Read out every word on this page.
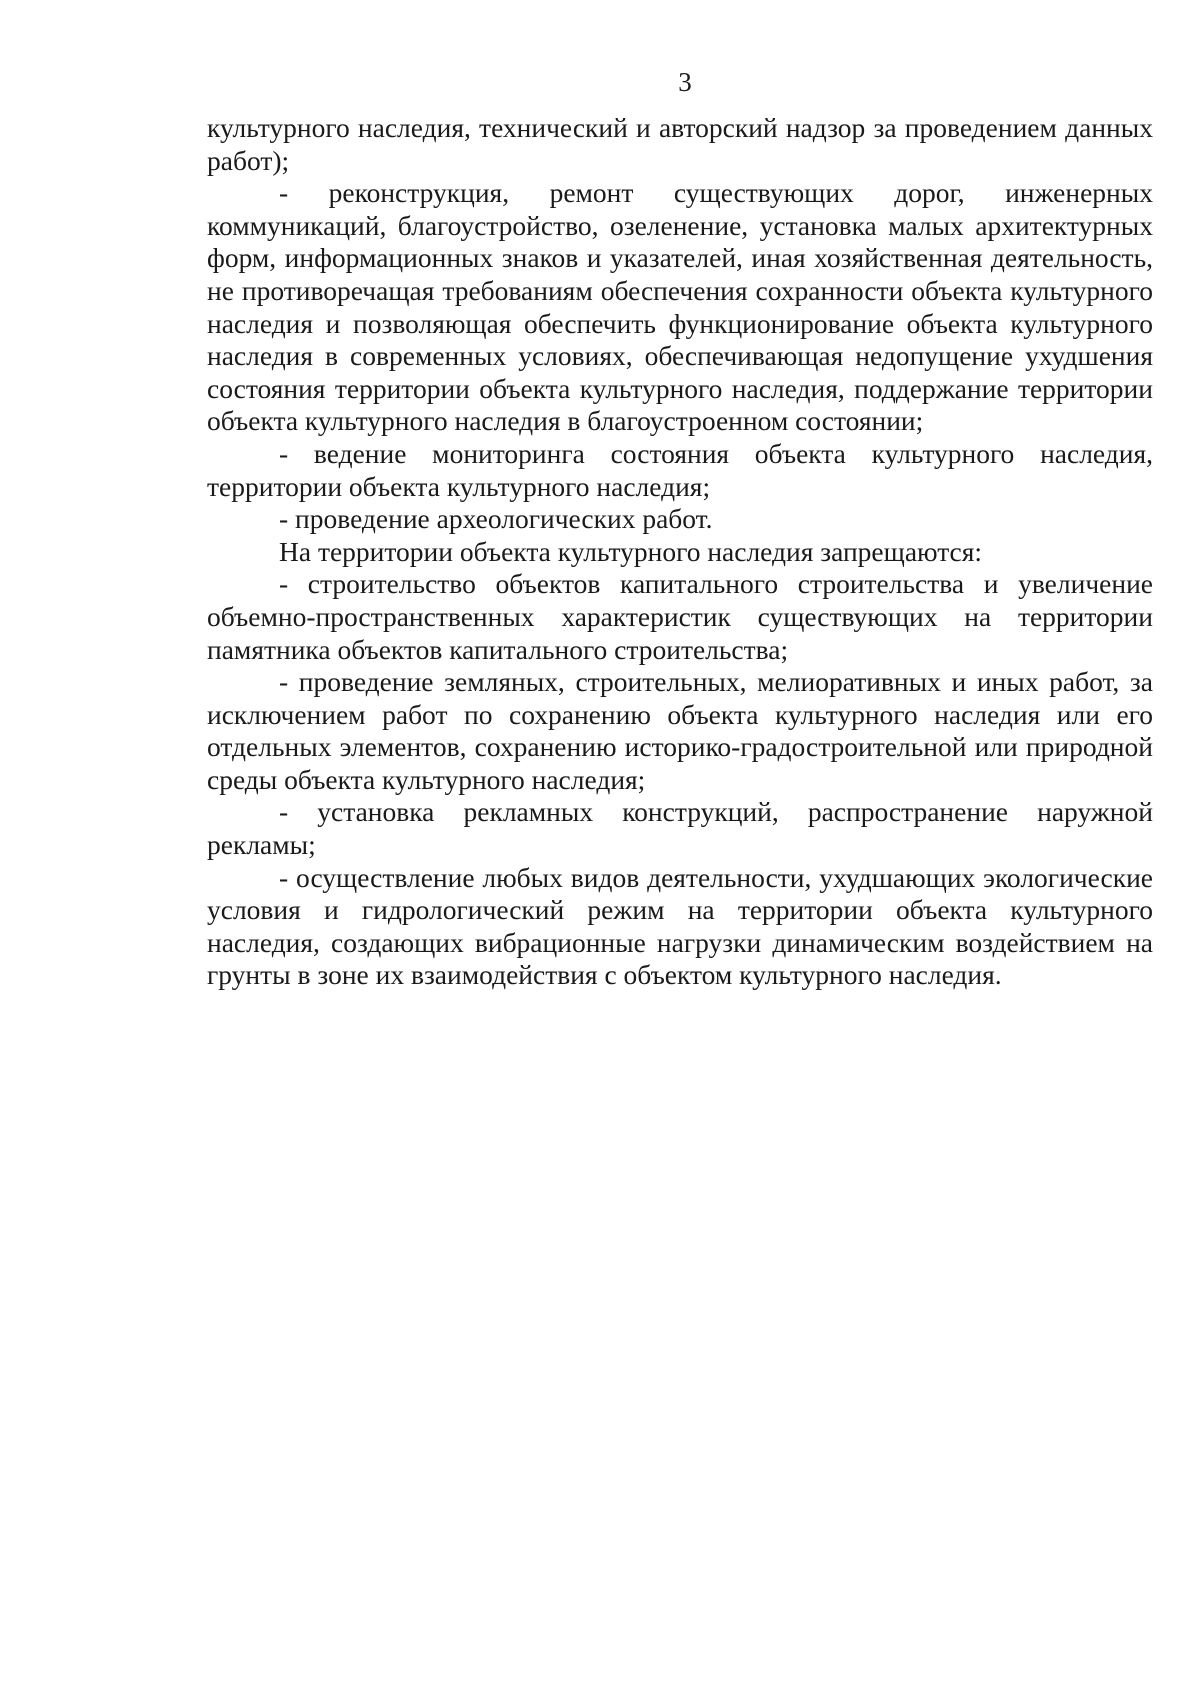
3

культурного наследия, технический и авторский надзор за проведением данных работ);

- реконструкция, ремонт существующих дорог, инженерных коммуникаций, благоустройство, озеленение, установка малых архитектурных форм, информационных знаков и указателей, иная хозяйственная деятельность, не противоречащая требованиям обеспечения сохранности объекта культурного наследия и позволяющая обеспечить функционирование объекта культурного наследия в современных условиях, обеспечивающая недопущение ухудшения состояния территории объекта культурного наследия, поддержание территории объекта культурного наследия в благоустроенном состоянии;

- ведение мониторинга состояния объекта культурного наследия, территории объекта культурного наследия;

- проведение археологических работ.

На территории объекта культурного наследия запрещаются:

- строительство объектов капитального строительства и увеличение объемно-пространственных характеристик существующих на территории памятника объектов капитального строительства;

- проведение земляных, строительных, мелиоративных и иных работ, за исключением работ по сохранению объекта культурного наследия или его отдельных элементов, сохранению историко-градостроительной или природной среды объекта культурного наследия;

- установка рекламных конструкций, распространение наружной рекламы;

- осуществление любых видов деятельности, ухудшающих экологические условия и гидрологический режим на территории объекта культурного наследия, создающих вибрационные нагрузки динамическим воздействием на грунты в зоне их взаимодействия с объектом культурного наследия.
